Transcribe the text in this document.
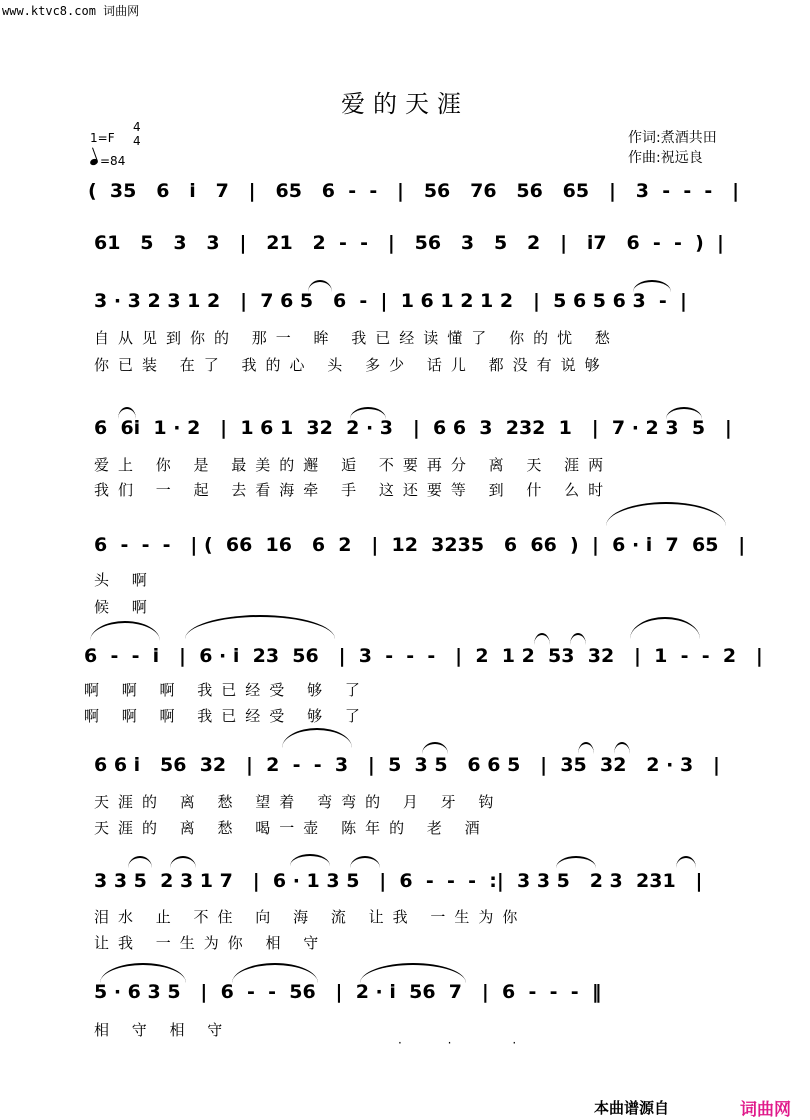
www.ktvc8.com 词曲网
爱的天涯
1=F
4
4
=84
作词:煮酒共田
作曲:祝远良
(  35   6   i   7   |   65   6  -  -   |   56   76   56   65   |   3  -  -  -   |
61   5   3   3   |   21   2  -  -   |   56   3   5   2   |   i7   6  -  -  )  |
3 · 3 2 3 1 2   |  7 6 5   6  -  |  1 6 1 2 1 2   |  5 6 5 6 3  -  |
自从见到你的 那一 眸 我已经读懂了 你的忧 愁
你已装 在了 我的心 头 多少 话儿 都没有说够
6  6i  1 · 2   |  1 6 1  32  2 · 3   |  6 6  3  232  1   |  7 · 2 3  5   |
爱上 你 是 最美的邂 逅 不要再分 离 天 涯两
我们 一 起 去看海牵 手 这还要等 到 什 么时
6  -  -  -   | (  66  16   6  2   |  12  3235   6  66  )  |  6 · i  7  65   |
头 啊
候 啊
6  -  -  i   |  6 · i  23  56   |  3  -  -  -   |  2  1 2  53  32   |  1  -  -  2   |
啊 啊 啊 我已经受 够 了
啊 啊 啊 我已经受 够 了
6 6 i   56  32   |  2  -  -  3   |  5  3 5   6 6 5   |  35  32   2 · 3   |
天涯的 离 愁 望着 弯弯的 月 牙 钩
天涯的 离 愁 喝一壶 陈年的 老 酒
3 3 5  2 3 1 7   |  6 · 1 3 5   |  6  -  -  -  :|  3 3 5   2 3  231   |
泪水 止 不住 向 海 流 让我 一生为你
让我 一生为你 相 守
5 · 6 3 5   |  6  -  -  56   |  2 · i  56  7   |  6  -  -  -  ‖
相 守 相 守
·            ·                ·
本曲谱源自	词曲网
